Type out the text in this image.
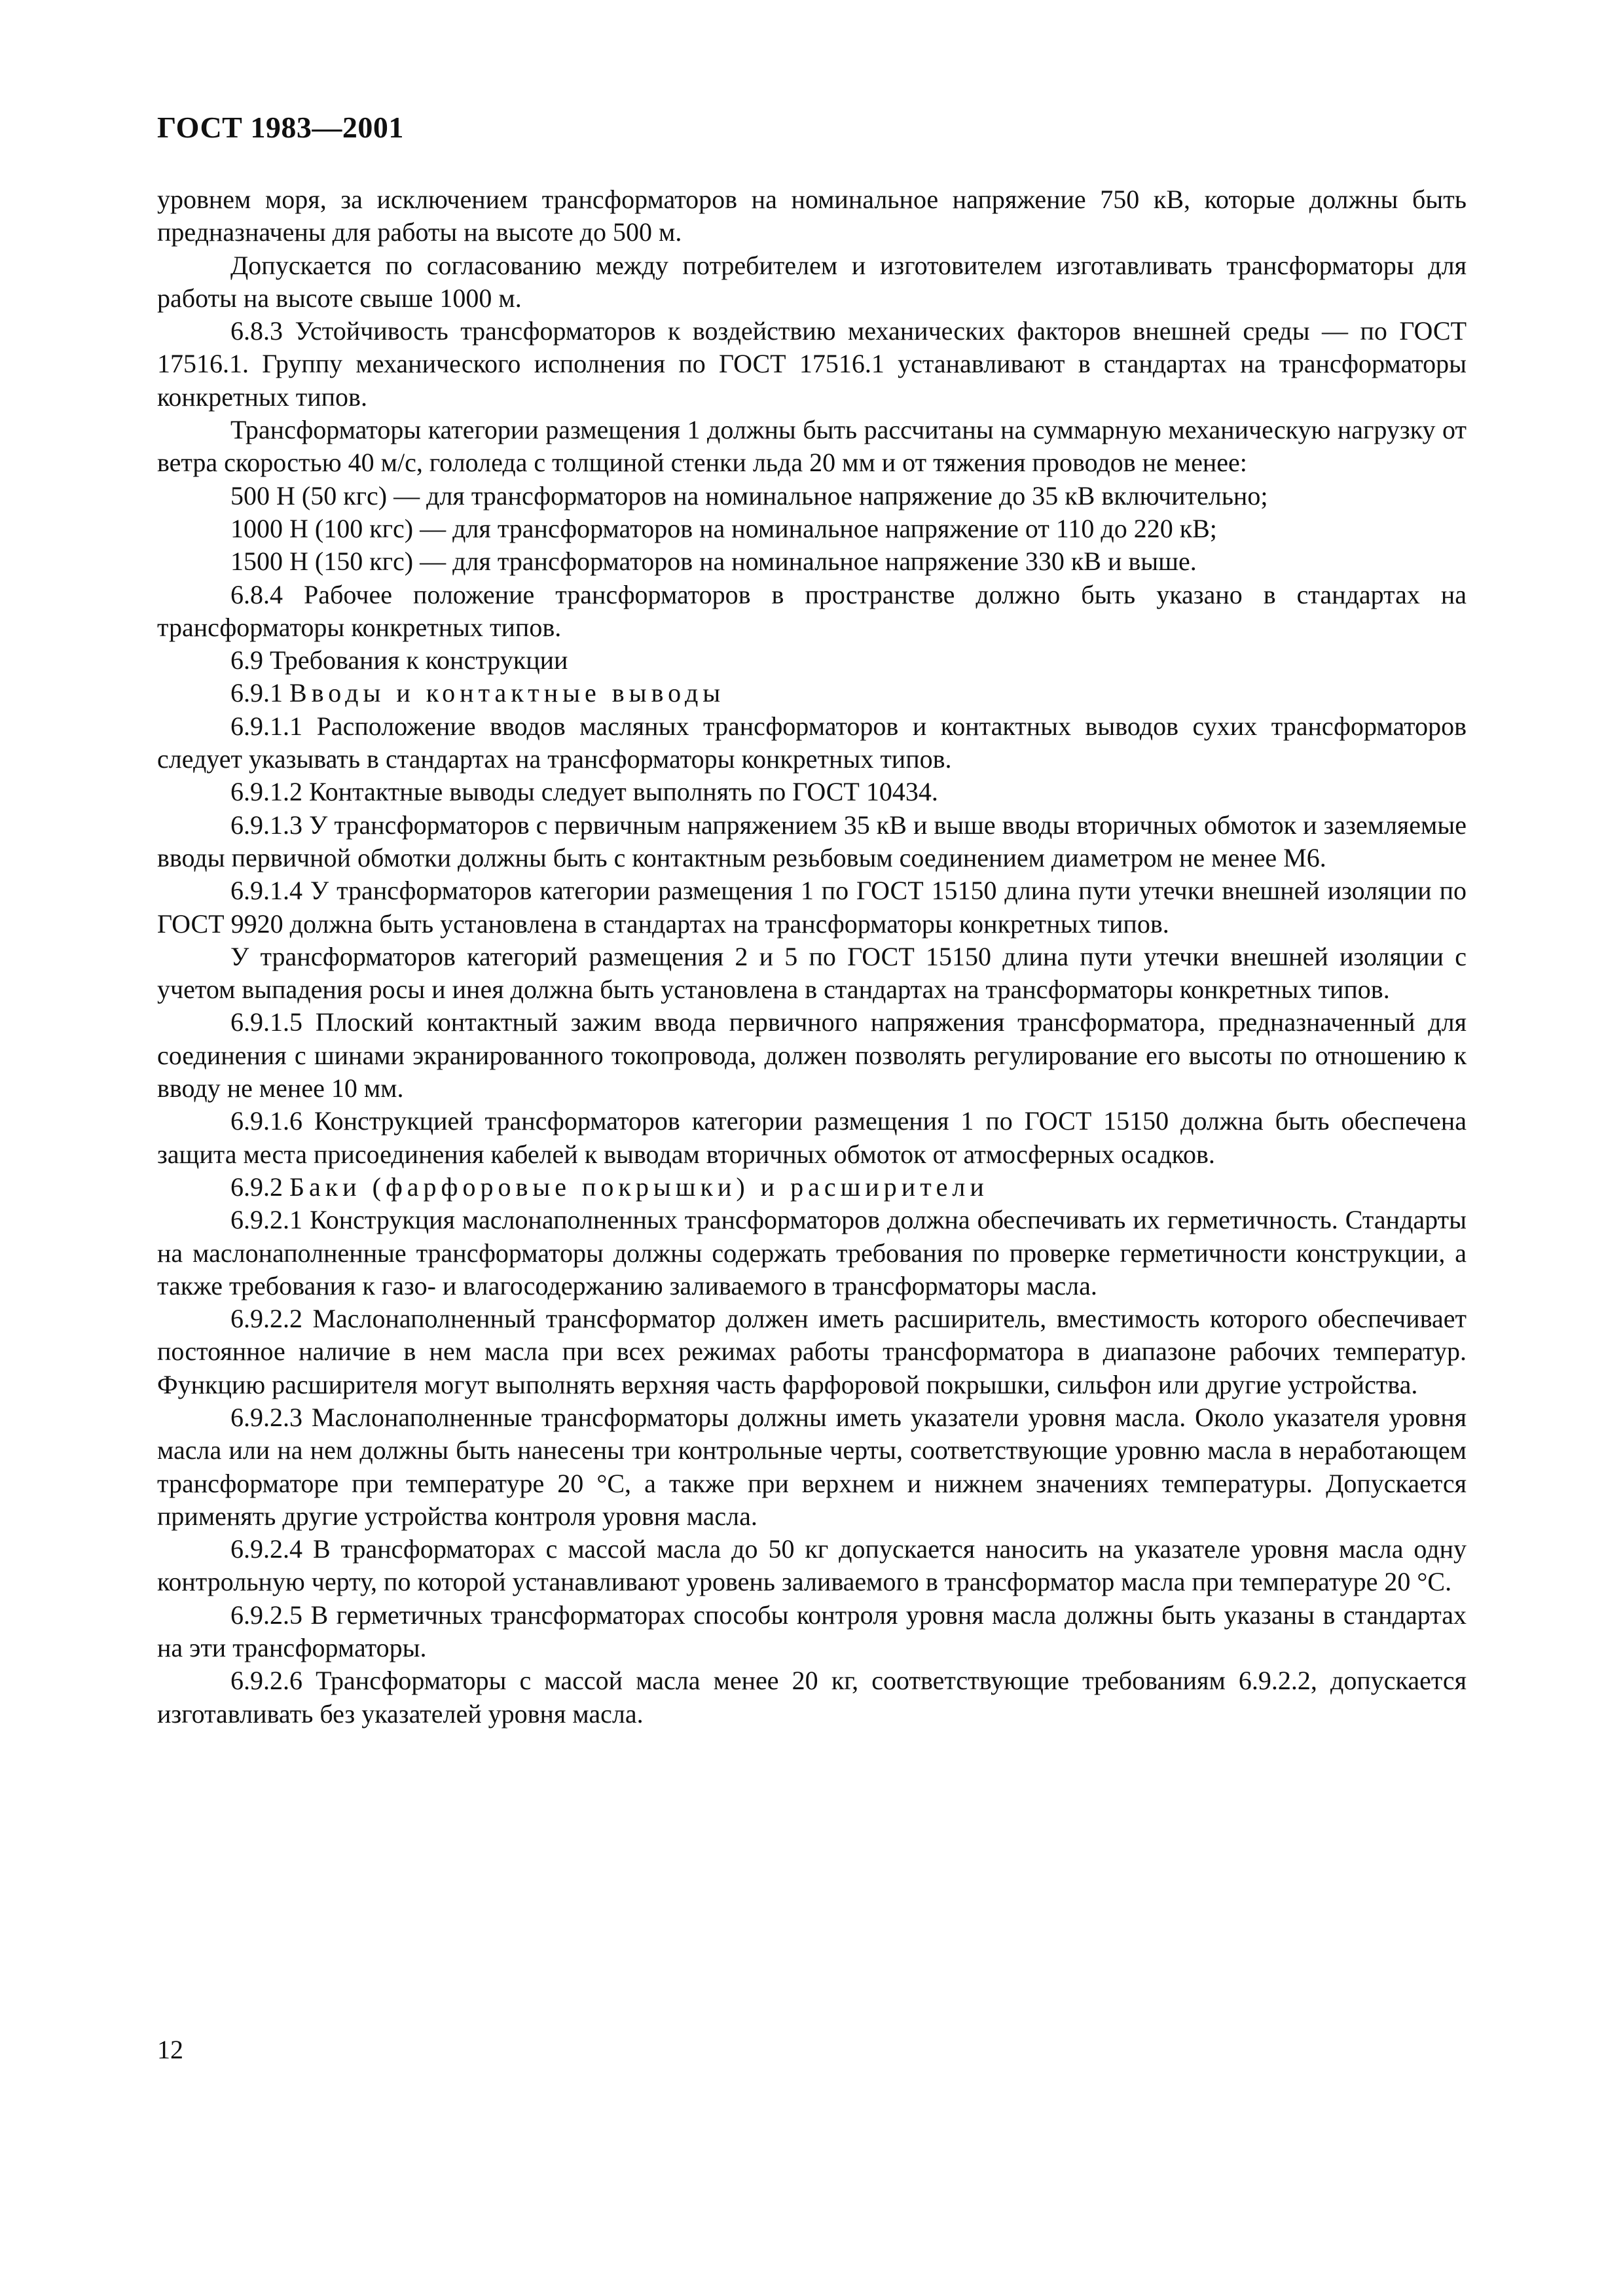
ГОСТ 1983—2001

уровнем моря, за исключением трансформаторов на номинальное напряжение 750 кВ, которые должны быть предназначены для работы на высоте до 500 м.

Допускается по согласованию между потребителем и изготовителем изготавливать трансформаторы для работы на высоте свыше 1000 м.

6.8.3 Устойчивость трансформаторов к воздействию механических факторов внешней среды — по ГОСТ 17516.1. Группу механического исполнения по ГОСТ 17516.1 устанавливают в стандартах на трансформаторы конкретных типов.

Трансформаторы категории размещения 1 должны быть рассчитаны на суммарную механическую нагрузку от ветра скоростью 40 м/с, гололеда с толщиной стенки льда 20 мм и от тяжения проводов не менее:

500 Н (50 кгс) — для трансформаторов на номинальное напряжение до 35 кВ включительно;

1000 Н (100 кгс) — для трансформаторов на номинальное напряжение от 110 до 220 кВ;

1500 Н (150 кгс) — для трансформаторов на номинальное напряжение 330 кВ и выше.

6.8.4 Рабочее положение трансформаторов в пространстве должно быть указано в стандартах на трансформаторы конкретных типов.

6.9 Требования к конструкции

6.9.1 Вводы и контактные выводы

6.9.1.1 Расположение вводов масляных трансформаторов и контактных выводов сухих трансформаторов следует указывать в стандартах на трансформаторы конкретных типов.

6.9.1.2 Контактные выводы следует выполнять по ГОСТ 10434.

6.9.1.3 У трансформаторов с первичным напряжением 35 кВ и выше вводы вторичных обмоток и заземляемые вводы первичной обмотки должны быть с контактным резьбовым соединением диаметром не менее М6.

6.9.1.4 У трансформаторов категории размещения 1 по ГОСТ 15150 длина пути утечки внешней изоляции по ГОСТ 9920 должна быть установлена в стандартах на трансформаторы конкретных типов.

У трансформаторов категорий размещения 2 и 5 по ГОСТ 15150 длина пути утечки внешней изоляции с учетом выпадения росы и инея должна быть установлена в стандартах на трансформаторы конкретных типов.

6.9.1.5 Плоский контактный зажим ввода первичного напряжения трансформатора, предназначенный для соединения с шинами экранированного токопровода, должен позволять регулирование его высоты по отношению к вводу не менее 10 мм.

6.9.1.6 Конструкцией трансформаторов категории размещения 1 по ГОСТ 15150 должна быть обеспечена защита места присоединения кабелей к выводам вторичных обмоток от атмосферных осадков.

6.9.2 Баки (фарфоровые покрышки) и расширители

6.9.2.1 Конструкция маслонаполненных трансформаторов должна обеспечивать их герметичность. Стандарты на маслонаполненные трансформаторы должны содержать требования по проверке герметичности конструкции, а также требования к газо- и влагосодержанию заливаемого в трансформаторы масла.

6.9.2.2 Маслонаполненный трансформатор должен иметь расширитель, вместимость которого обеспечивает постоянное наличие в нем масла при всех режимах работы трансформатора в диапазоне рабочих температур. Функцию расширителя могут выполнять верхняя часть фарфоровой покрышки, сильфон или другие устройства.

6.9.2.3 Маслонаполненные трансформаторы должны иметь указатели уровня масла. Около указателя уровня масла или на нем должны быть нанесены три контрольные черты, соответствующие уровню масла в неработающем трансформаторе при температуре 20 °С, а также при верхнем и нижнем значениях температуры. Допускается применять другие устройства контроля уровня масла.

6.9.2.4 В трансформаторах с массой масла до 50 кг допускается наносить на указателе уровня масла одну контрольную черту, по которой устанавливают уровень заливаемого в трансформатор масла при температуре 20 °С.

6.9.2.5 В герметичных трансформаторах способы контроля уровня масла должны быть указаны в стандартах на эти трансформаторы.

6.9.2.6 Трансформаторы с массой масла менее 20 кг, соответствующие требованиям 6.9.2.2, допускается изготавливать без указателей уровня масла.

12
